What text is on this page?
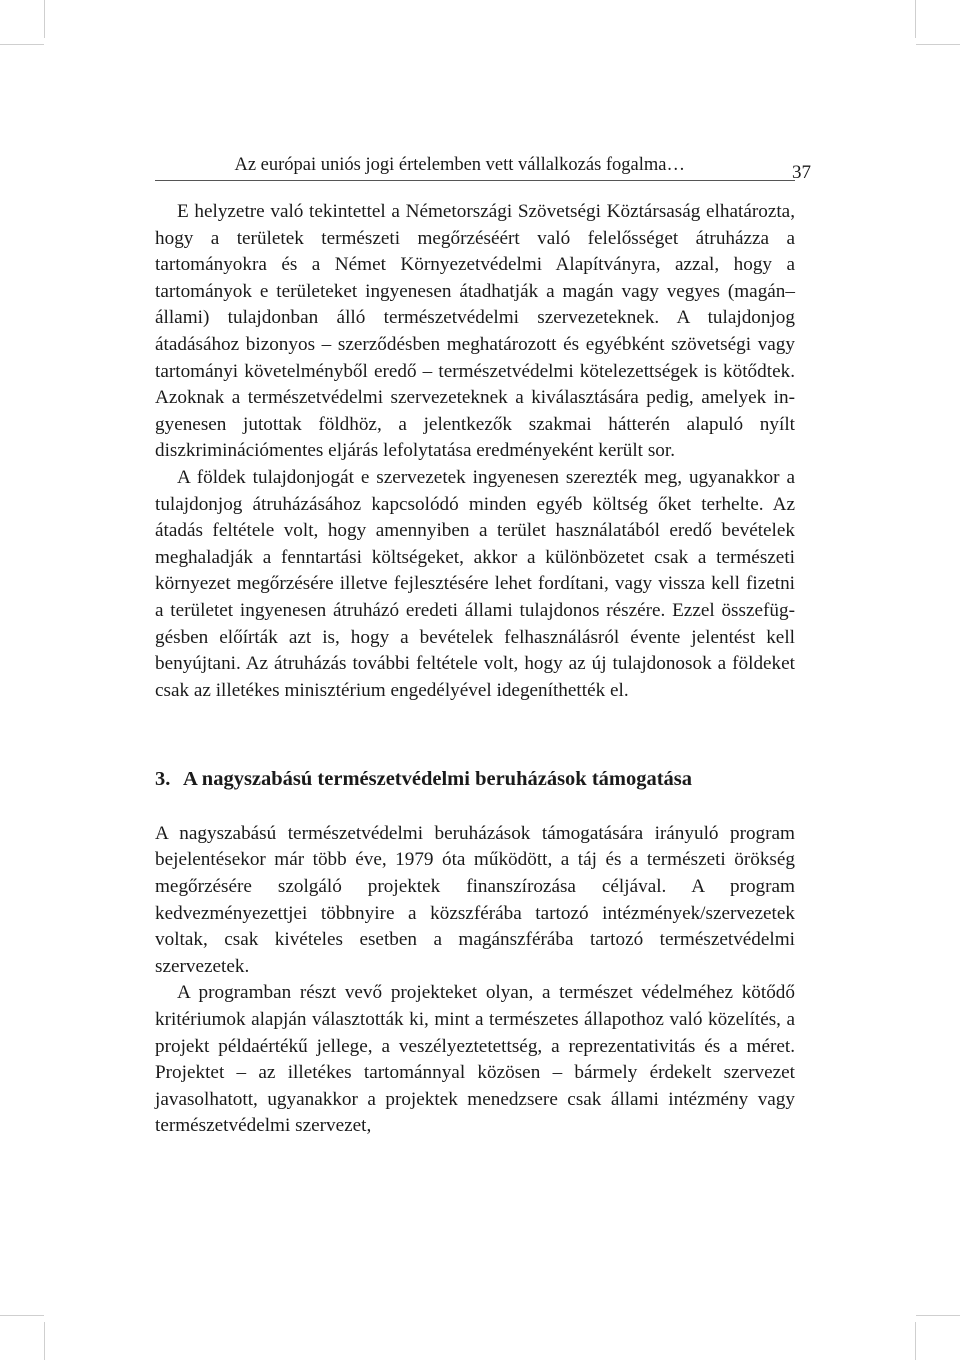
Az európai uniós jogi értelemben vett vállalkozás fogalma…	37

E helyzetre való tekintettel a Németországi Szövetségi Köztársaság elhatározta, hogy a területek természeti megőrzéséért való felelősséget átruházza a tartományokra és a Német Környezetvédelmi Alapítványra, azzal, hogy a tartományok e területeket ingyenesen átadhatják a magán vagy vegyes (magán–állami) tulajdonban álló természetvédelmi szervezeteknek. A tulajdonjog átadásához bizonyos – szerződésben meghatározott és egyébként szövetségi vagy tartományi követelményből eredő – természetvédelmi kötelezettségek is kötődtek. Azoknak a természetvédelmi szervezeteknek a kiválasztására pedig, amelyek ingyenesen jutottak földhöz, a jelentkezők szakmai hátterén alapuló nyílt diszkriminációmentes eljárás lefolytatása eredményeként került sor.

A földek tulajdonjogát e szervezetek ingyenesen szerezték meg, ugyanakkor a tulajdonjog átruházásához kapcsolódó minden egyéb költség őket terhelte. Az átadás feltétele volt, hogy amennyiben a terület használatából eredő bevételek meghaladják a fenntartási költségeket, akkor a különbözetet csak a természeti környezet megőrzésére illetve fejlesztésére lehet fordítani, vagy vissza kell fizetni a területet ingyenesen átruházó eredeti állami tulajdonos részére. Ezzel összefüggésben előírták azt is, hogy a bevételek felhasználásról évente jelentést kell benyújtani. Az átruházás további feltétele volt, hogy az új tulajdonosok a földeket csak az illetékes minisztérium engedélyével idegeníthették el.

3. A nagyszabású természetvédelmi beruházások támogatása

A nagyszabású természetvédelmi beruházások támogatására irányuló program bejelentésekor már több éve, 1979 óta működött, a táj és a természeti örökség megőrzésére szolgáló projektek finanszírozása céljával. A program kedvezményezettjei többnyire a közszférába tartozó intézmények/szervezetek voltak, csak kivételes esetben a magánszférába tartozó természetvédelmi szervezetek.

A programban részt vevő projekteket olyan, a természet védelméhez kötődő kritériumok alapján választották ki, mint a természetes állapothoz való közelítés, a projekt példaértékű jellege, a veszélyeztetettség, a reprezentativitás és a méret. Projektet – az illetékes tartománnyal közösen – bármely érdekelt szervezet javasolhatott, ugyanakkor a projektek menedzsere csak állami intézmény vagy természetvédelmi szervezet,
